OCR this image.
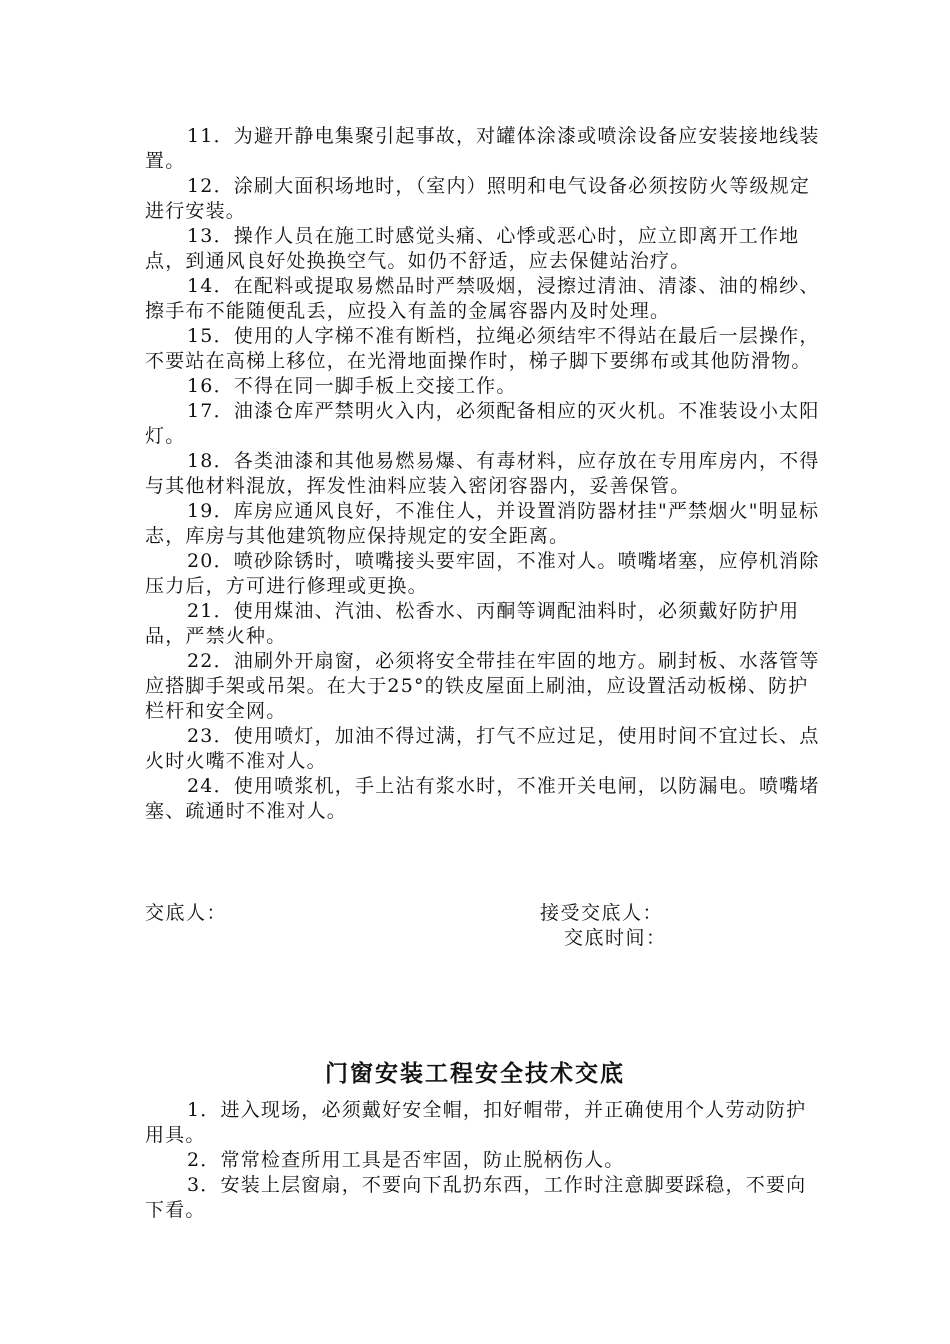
11．为避开静电集聚引起事故，对罐体涂漆或喷涂设备应安装接地线装置。

12．涂刷大面积场地时，（室内）照明和电气设备必须按防火等级规定进行安装。

13．操作人员在施工时感觉头痛、心悸或恶心时，应立即离开工作地点，到通风良好处换换空气。如仍不舒适，应去保健站治疗。

14．在配料或提取易燃品时严禁吸烟，浸擦过清油、清漆、油的棉纱、擦手布不能随便乱丢，应投入有盖的金属容器内及时处理。

15．使用的人字梯不准有断档，拉绳必须结牢不得站在最后一层操作，不要站在高梯上移位，在光滑地面操作时，梯子脚下要绑布或其他防滑物。

16．不得在同一脚手板上交接工作。

17．油漆仓库严禁明火入内，必须配备相应的灭火机。不准装设小太阳灯。

18．各类油漆和其他易燃易爆、有毒材料，应存放在专用库房内，不得与其他材料混放，挥发性油料应装入密闭容器内，妥善保管。

19．库房应通风良好，不准住人，并设置消防器材挂"严禁烟火"明显标志，库房与其他建筑物应保持规定的安全距离。

20．喷砂除锈时，喷嘴接头要牢固，不准对人。喷嘴堵塞，应停机消除压力后，方可进行修理或更换。

21．使用煤油、汽油、松香水、丙酮等调配油料时，必须戴好防护用品，严禁火种。

22．油刷外开扇窗，必须将安全带挂在牢固的地方。刷封板、水落管等应搭脚手架或吊架。在大于25°的铁皮屋面上刷油，应设置活动板梯、防护栏杆和安全网。

23．使用喷灯，加油不得过满，打气不应过足，使用时间不宜过长、点火时火嘴不准对人。

24．使用喷浆机，手上沾有浆水时，不准开关电闸，以防漏电。喷嘴堵塞、疏通时不准对人。

交底人：	接受交底人：
交底时间：
门窗安装工程安全技术交底

1．进入现场，必须戴好安全帽，扣好帽带，并正确使用个人劳动防护用具。

2．常常检查所用工具是否牢固，防止脱柄伤人。

3．安装上层窗扇，不要向下乱扔东西，工作时注意脚要踩稳，不要向下看。
